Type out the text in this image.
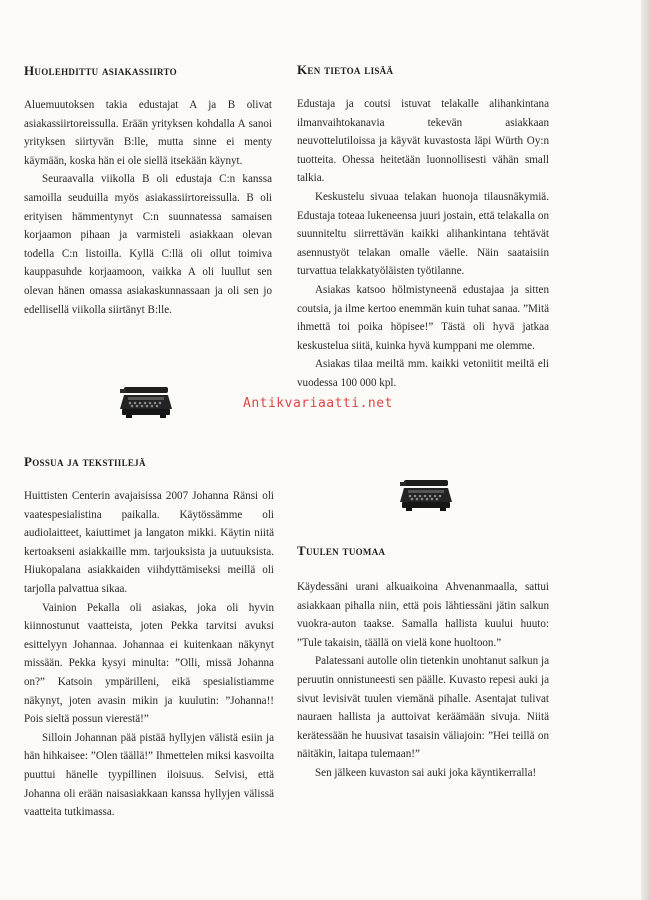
Huolehdittu asiakassiirto

Aluemuutoksen takia edustajat A ja B olivat asiakassiirtoreissulla. Erään yrityksen kohdalla A sanoi yrityksen siirtyvän B:lle, mutta sinne ei menty käymään, koska hän ei ole siellä itsekään käynyt.

Seuraavalla viikolla B oli edustaja C:n kanssa samoilla seuduilla myös asiakassiirtoreissulla. B oli erityisen hämmentynyt C:n suunnatessa samaisen korjaamon pihaan ja varmisteli asiakkaan olevan todella C:n listoilla. Kyllä C:llä oli ollut toimiva kauppasuhde korjaamoon, vaikka A oli luullut sen olevan hänen omassa asiakaskunnassaan ja oli sen jo edellisellä viikolla siirtänyt B:lle.

Antikvariaatti.net
Possua ja tekstiilejä

Huittisten Centerin avajaisissa 2007 Johanna Ränsi oli vaatespesialistina paikalla. Käytössämme oli audiolaitteet, kaiuttimet ja langaton mikki. Käytin niitä kertoakseni asiakkaille mm. tarjouksista ja uutuuksista. Hiukopalana asiakkaiden viihdyttämiseksi meillä oli tarjolla palvattua sikaa.

Vainion Pekalla oli asiakas, joka oli hyvin kiinnostunut vaatteista, joten Pekka tarvitsi avuksi esittelyyn Johannaa. Johannaa ei kuitenkaan näkynyt missään. Pekka kysyi minulta: ”Olli, missä Johanna on?” Katsoin ympärilleni, eikä spesialistiamme näkynyt, joten avasin mikin ja kuulutin: ”Johanna!! Pois sieltä possun vierestä!”

Silloin Johannan pää pistää hyllyjen välistä esiin ja hän hihkaisee: ”Olen täällä!” Ihmettelen miksi kasvoilta puuttui hänelle tyypillinen iloisuus. Selvisi, että Johanna oli erään naisasiakkaan kanssa hyllyjen välissä vaatteita tutkimassa.

Ken tietoa lisää

Edustaja ja coutsi istuvat telakalle alihankintana ilmanvaihtokanavia tekevän asiakkaan neuvottelutiloissa ja käyvät kuvastosta läpi Würth Oy:n tuotteita. Ohessa heitetään luonnollisesti vähän small talkia.

Keskustelu sivuaa telakan huonoja tilausnäkymiä. Edustaja toteaa lukeneensa juuri jostain, että telakalla on suunniteltu siirrettävän kaikki alihankintana tehtävät asennustyöt telakan omalle väelle. Näin saataisiin turvattua telakkatyöläisten työtilanne.

Asiakas katsoo hölmistyneenä edustajaa ja sitten coutsia, ja ilme kertoo enemmän kuin tuhat sanaa. ”Mitä ihmettä toi poika höpisee!” Tästä oli hyvä jatkaa keskustelua siitä, kuinka hyvä kumppani me olemme.

Asiakas tilaa meiltä mm. kaikki vetoniitit meiltä eli vuodessa 100 000 kpl.

Tuulen tuomaa

Käydessäni urani alkuaikoina Ahvenanmaalla, sattui asiakkaan pihalla niin, että pois lähtiessäni jätin salkun vuokra-auton taakse. Samalla hallista kuului huuto: ”Tule takaisin, täällä on vielä kone huoltoon.”

Palatessani autolle olin tietenkin unohtanut salkun ja peruutin onnistuneesti sen päälle. Kuvasto repesi auki ja sivut levisivät tuulen viemänä pihalle. Asentajat tulivat nauraen hallista ja auttoivat keräämään sivuja. Niitä kerätessään he huusivat tasaisin väliajoin: ”Hei teillä on näitäkin, laitapa tulemaan!”

Sen jälkeen kuvaston sai auki joka käyntikerralla!
